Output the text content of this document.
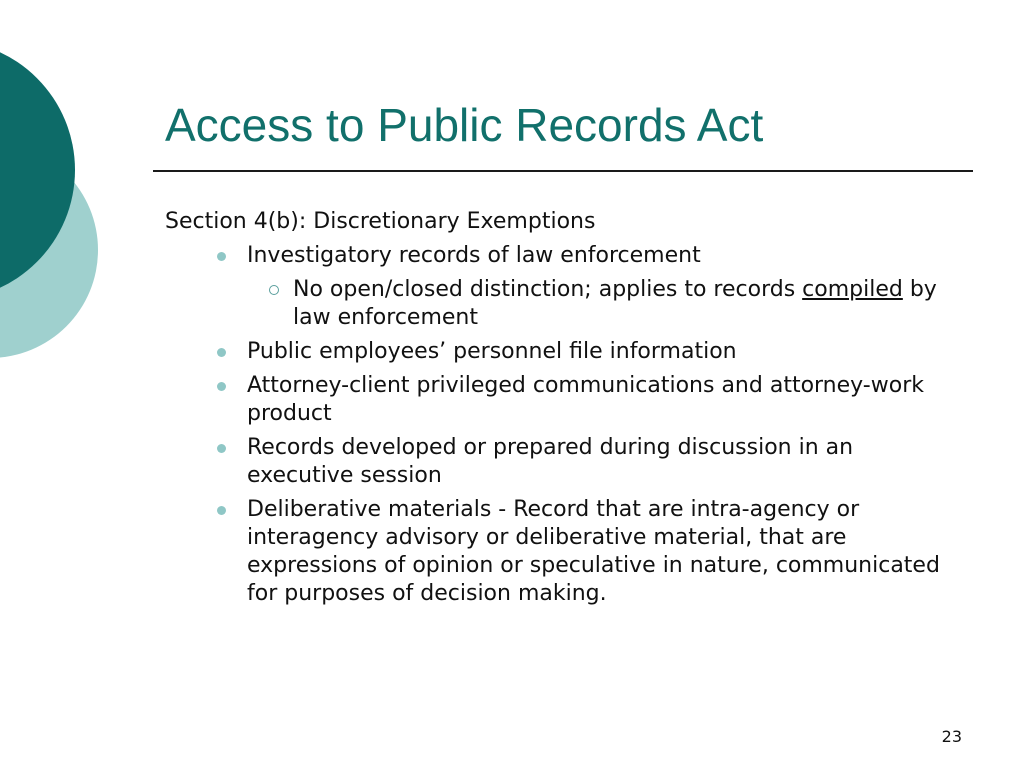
Access to Public Records Act

Section 4(b): Discretionary Exemptions

Investigatory records of law enforcement
No open/closed distinction; applies to records compiled by law enforcement
Public employees’ personnel file information
Attorney-client privileged communications and attorney-work product
Records developed or prepared during discussion in an executive session
Deliberative materials - Record that are intra-agency or interagency advisory or deliberative material, that are expressions of opinion or speculative in nature, communicated for purposes of decision making.
23
